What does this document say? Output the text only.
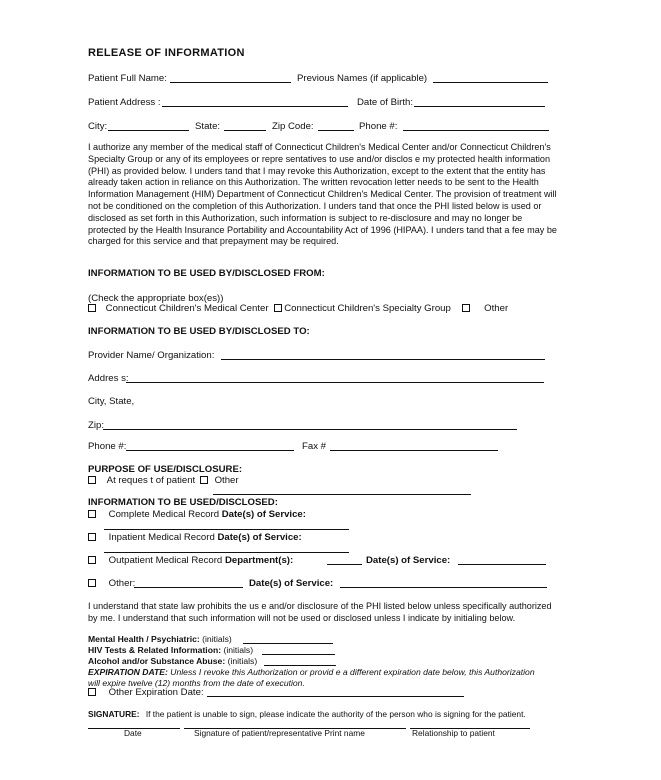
RELEASE OF INFORMATION
Patient Full Name:	Previous Names (if applicable)
Patient Address :	Date of Birth:
City:	State:	Zip Code:	Phone #:
I authorize any member of the medical staff of Connecticut Children's Medical Center and/or Connecticut Children's Specialty Group or any of its employees or repre sentatives to use and/or disclos e my protected health information (PHI) as provided below. I unders tand that I may revoke this Authorization, except to the extent that the entity has already taken action in reliance on this Authorization. The written revocation letter needs to be sent to the Health Information Management (HIM) Department of Connecticut Children's Medical Center. The provision of treatment will not be conditioned on the completion of this Authorization. I unders tand that once the PHI listed below is used or disclosed as set forth in this Authorization, such information is subject to re-disclosure and may no longer be protected by the Health Insurance Portability and Accountability Act of 1996 (HIPAA). I unders tand that a fee may be charged for this service and that prepayment may be required.
INFORMATION TO BE USED BY/DISCLOSED FROM:
(Check the appropriate box(es))
Connecticut Children's Medical Center Connecticut Children's Specialty Group	Other
INFORMATION TO BE USED BY/DISCLOSED TO:
Provider Name/ Organization:
Addres s:
City, State,
Zip:
Phone #:	Fax #
PURPOSE OF USE/DISCLOSURE:
At reques t of patient Other
INFORMATION TO BE USED/DISCLOSED:
Complete Medical Record Date(s) of Service:
Inpatient Medical Record Date(s) of Service:
Outpatient Medical Record Department(s):	Date(s) of Service:
Other:	Date(s) of Service:
I understand that state law prohibits the us e and/or disclosure of the PHI listed below unless specifically authorized by me. I understand that such information will not be used or disclosed unless I indicate by initialing below.
Mental Health / Psychiatric: (initials)
HIV Tests & Related Information: (initials)
Alcohol and/or Substance Abuse: (initials)
EXPIRATION DATE: Unless I revoke this Authorization or provid e a different expiration date below, this Authorization
will expire twelve (12) months from the date of execution.
Other Expiration Date:
SIGNATURE: If the patient is unable to sign, please indicate the authority of the person who is signing for the patient.
Date	Signature of patient/representative Print name	Relationship to patient
